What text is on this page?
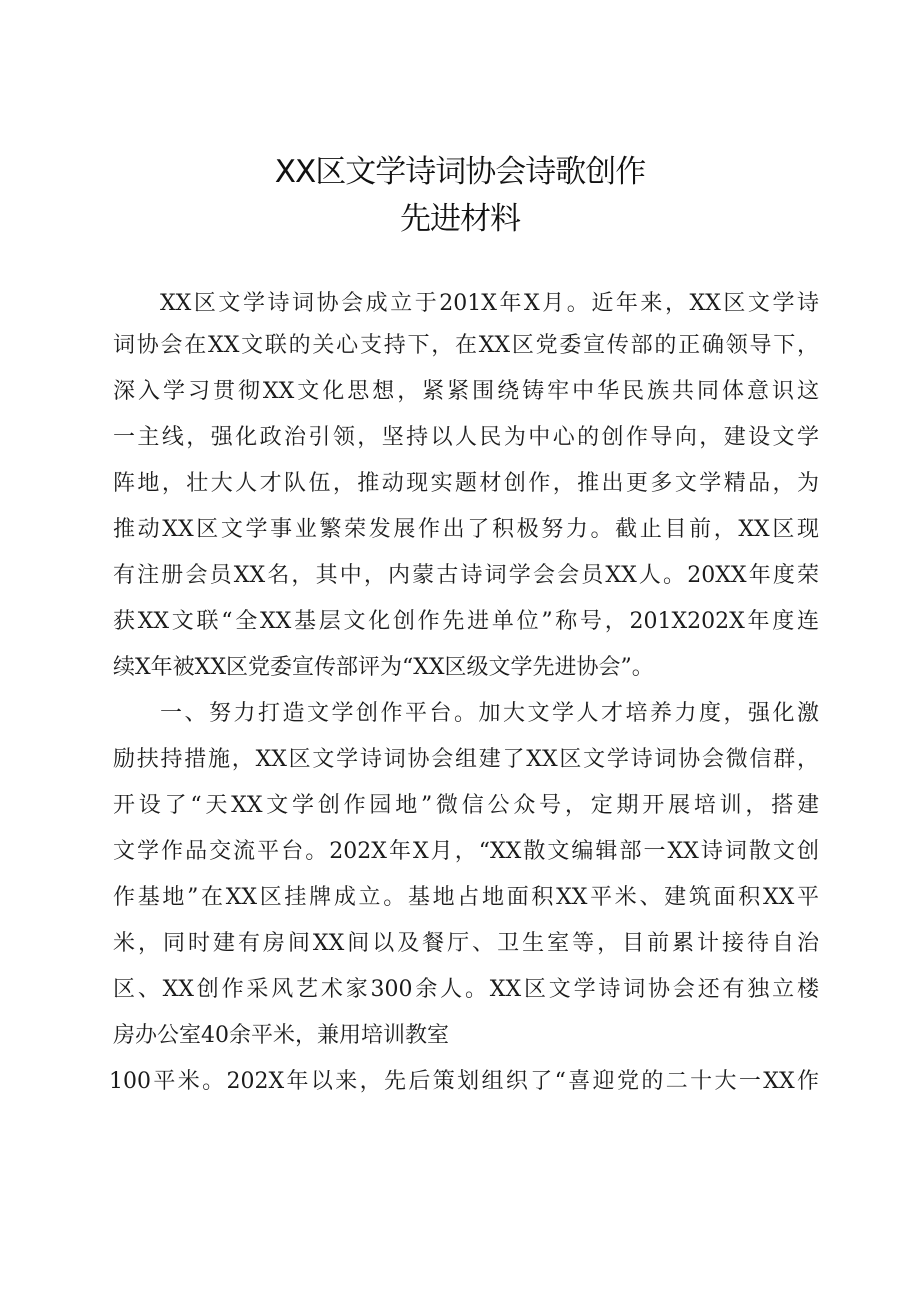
XX区文学诗词协会诗歌创作
先进材料
XX区文学诗词协会成立于201X年X月。近年来，XX区文学诗
词协会在XX文联的关心支持下，在XX区党委宣传部的正确领导下，
深入学习贯彻XX文化思想，紧紧围绕铸牢中华民族共同体意识这
一主线，强化政治引领，坚持以人民为中心的创作导向，建设文学
阵地，壮大人才队伍，推动现实题材创作，推出更多文学精品，为
推动XX区文学事业繁荣发展作出了积极努力。截止目前，XX区现
有注册会员XX名，其中，内蒙古诗词学会会员XX人。20XX年度荣
获XX文联“全XX基层文化创作先进单位”称号，201X202X年度连
续X年被XX区党委宣传部评为“XX区级文学先进协会”。
一、努力打造文学创作平台。加大文学人才培养力度，强化激
励扶持措施，XX区文学诗词协会组建了XX区文学诗词协会微信群，
开设了“天XX文学创作园地”微信公众号，定期开展培训，搭建
文学作品交流平台。202X年X月，“XX散文编辑部一XX诗词散文创
作基地”在XX区挂牌成立。基地占地面积XX平米、建筑面积XX平
米，同时建有房间XX间以及餐厅、卫生室等，目前累计接待自治
区、XX创作采风艺术家300余人。XX区文学诗词协会还有独立楼
房办公室40余平米，兼用培训教室
100平米。202X年以来，先后策划组织了“喜迎党的二十大一XX作
